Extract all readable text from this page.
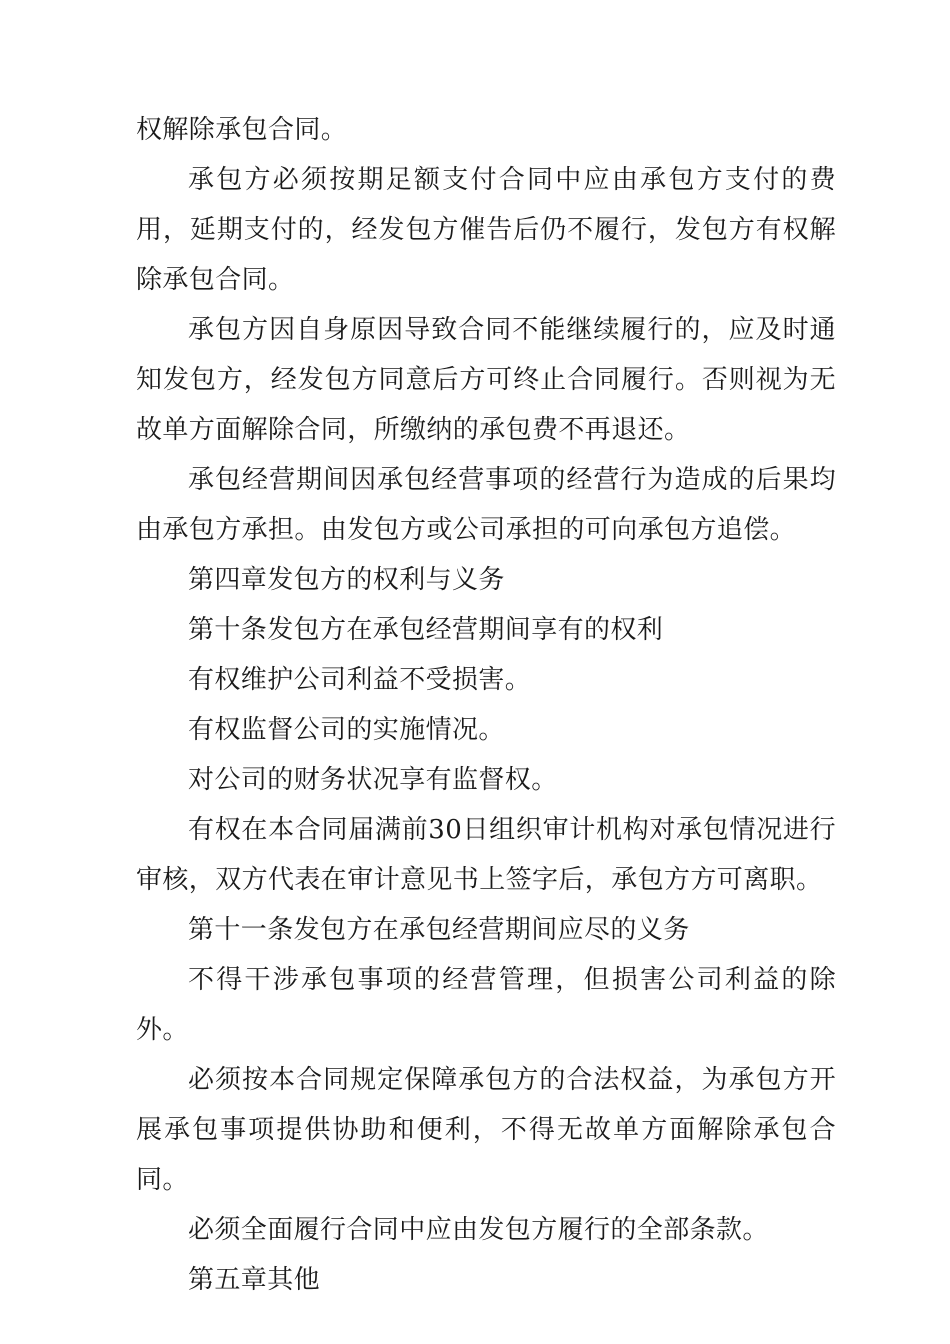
权解除承包合同。

承包方必须按期足额支付合同中应由承包方支付的费用，延期支付的，经发包方催告后仍不履行，发包方有权解除承包合同。

承包方因自身原因导致合同不能继续履行的，应及时通知发包方，经发包方同意后方可终止合同履行。否则视为无故单方面解除合同，所缴纳的承包费不再退还。

承包经营期间因承包经营事项的经营行为造成的后果均由承包方承担。由发包方或公司承担的可向承包方追偿。

第四章发包方的权利与义务

第十条发包方在承包经营期间享有的权利

有权维护公司利益不受损害。

有权监督公司的实施情况。

对公司的财务状况享有监督权。

有权在本合同届满前30日组织审计机构对承包情况进行审核，双方代表在审计意见书上签字后，承包方方可离职。

第十一条发包方在承包经营期间应尽的义务

不得干涉承包事项的经营管理，但损害公司利益的除外。

必须按本合同规定保障承包方的合法权益，为承包方开展承包事项提供协助和便利，不得无故单方面解除承包合同。

必须全面履行合同中应由发包方履行的全部条款。

第五章其他
